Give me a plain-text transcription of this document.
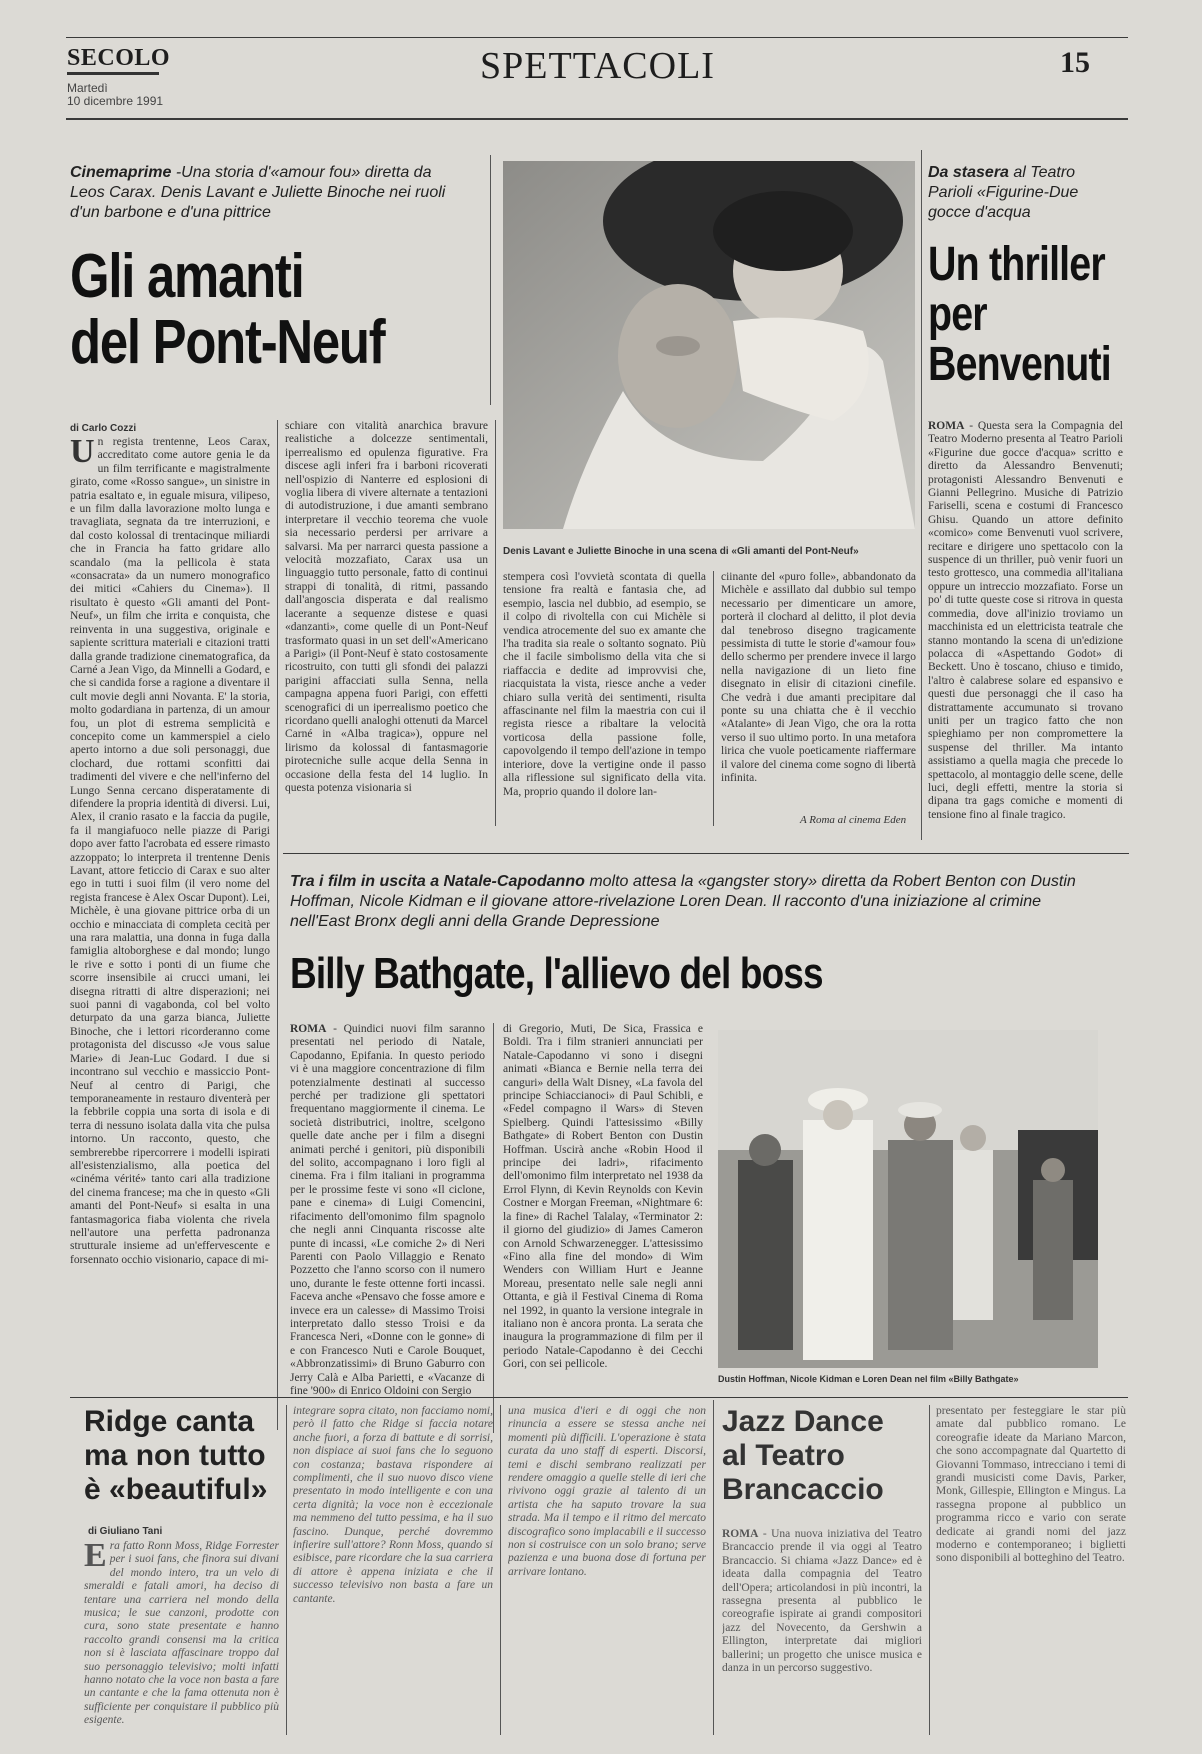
SECOLO
Martedì
10 dicembre 1991
SPETTACOLI	15
Cinemaprime -Una storia d'«amour fou» diretta da Leos Carax. Denis Lavant e Juliette Binoche nei ruoli d'un barbone e d'una pittrice
Gli amanti
del Pont-Neuf
Denis Lavant e Juliette Binoche in una scena di «Gli amanti del Pont-Neuf»
di Carlo Cozzi
Un regista trentenne, Leos Carax, accreditato come autore genia le da un film terrificante e magistralmente girato, come «Rosso sangue», un sinistre in patria esaltato e, in eguale misura, vilipeso, e un film dalla lavorazione molto lunga e travagliata, segnata da tre interruzioni, e dal costo kolossal di trentacinque miliardi che in Francia ha fatto gridare allo scandalo (ma la pellicola è stata «consacrata» da un numero monografico dei mitici «Cahiers du Cinema»). Il risultato è questo «Gli amanti del Pont-Neuf», un film che irrita e conquista, che reinventa in una suggestiva, originale e sapiente scrittura materiali e citazioni tratti dalla grande tradizione cinematografica, da Carné a Jean Vigo, da Minnelli a Godard, e che si candida forse a ragione a diventare il cult movie degli anni Novanta. E' la storia, molto godardiana in partenza, di un amour fou, un plot di estrema semplicità e concepito come un kammerspiel a cielo aperto intorno a due soli personaggi, due clochard, due rottami sconfitti dai tradimenti del vivere e che nell'inferno del Lungo Senna cercano disperatamente di difendere la propria identità di diversi. Lui, Alex, il cranio rasato e la faccia da pugile, fa il mangiafuoco nelle piazze di Parigi dopo aver fatto l'acrobata ed essere rimasto azzoppato; lo interpreta il trentenne Denis Lavant, attore feticcio di Carax e suo alter ego in tutti i suoi film (il vero nome del regista francese è Alex Oscar Dupont). Lei, Michèle, è una giovane pittrice orba di un occhio e minacciata di completa cecità per una rara malattia, una donna in fuga dalla famiglia altoborghese e dal mondo; lungo le rive e sotto i ponti di un fiume che scorre insensibile ai crucci umani, lei disegna ritratti di altre disperazioni; nei suoi panni di vagabonda, col bel volto deturpato da una garza bianca, Juliette Binoche, che i lettori ricorderanno come protagonista del discusso «Je vous salue Marie» di Jean-Luc Godard. I due si incontrano sul vecchio e massiccio Pont-Neuf al centro di Parigi, che temporaneamente in restauro diventerà per la febbrile coppia una sorta di isola e di terra di nessuno isolata dalla vita che pulsa intorno. Un racconto, questo, che sembrerebbe ripercorrere i modelli ispirati all'esistenzialismo, alla poetica del «cinéma vérité» tanto cari alla tradizione del cinema francese; ma che in questo «Gli amanti del Pont-Neuf» si esalta in una fantasmagorica fiaba violenta che rivela nell'autore una perfetta padronanza strutturale insieme ad un'effervescente e forsennato occhio visionario, capace di mi-
schiare con vitalità anarchica bravure realistiche a dolcezze sentimentali, iperrealismo ed opulenza figurative. Fra discese agli inferi fra i barboni ricoverati nell'ospizio di Nanterre ed esplosioni di voglia libera di vivere alternate a tentazioni di autodistruzione, i due amanti sembrano interpretare il vecchio teorema che vuole sia necessario perdersi per arrivare a salvarsi. Ma per narrarci questa passione a velocità mozzafiato, Carax usa un linguaggio tutto personale, fatto di continui strappi di tonalità, di ritmi, passando dall'angoscia disperata e dal realismo lacerante a sequenze distese e quasi «danzanti», come quelle di un Pont-Neuf trasformato quasi in un set dell'«Americano a Parigi» (il Pont-Neuf è stato costosamente ricostruito, con tutti gli sfondi dei palazzi parigini affacciati sulla Senna, nella campagna appena fuori Parigi, con effetti scenografici di un iperrealismo poetico che ricordano quelli analoghi ottenuti da Marcel Carné in «Alba tragica»), oppure nel lirismo da kolossal di fantasmagorie pirotecniche sulle acque della Senna in occasione della festa del 14 luglio. In questa potenza visionaria si
stempera così l'ovvietà scontata di quella tensione fra realtà e fantasia che, ad esempio, lascia nel dubbio, ad esempio, se il colpo di rivoltella con cui Michèle si vendica atrocemente del suo ex amante che l'ha tradita sia reale o soltanto sognato. Più che il facile simbolismo della vita che si riaffaccia e dedite ad improvvisi che, riacquistata la vista, riesce anche a veder chiaro sulla verità dei sentimenti, risulta affascinante nel film la maestria con cui il regista riesce a ribaltare la velocità vorticosa della passione folle, capovolgendo il tempo dell'azione in tempo interiore, dove la vertigine onde il passo alla riflessione sul significato della vita. Ma, proprio quando il dolore lan-
ciinante del «puro folle», abbandonato da Michèle e assillato dal dubbio sul tempo necessario per dimenticare un amore, porterà il clochard al delitto, il plot devia dal tenebroso disegno tragicamente pessimista di tutte le storie d'«amour fou» dello schermo per prendere invece il largo nella navigazione di un lieto fine disegnato in elisir di citazioni cinefile. Che vedrà i due amanti precipitare dal ponte su una chiatta che è il vecchio «Atalante» di Jean Vigo, che ora la rotta verso il suo ultimo porto. In una metafora lirica che vuole poeticamente riaffermare il valore del cinema come sogno di libertà infinita.
A Roma al cinema Eden
Da stasera al Teatro Parioli «Figurine-Due gocce d'acqua
Un thriller
per
Benvenuti
ROMA - Questa sera la Compagnia del Teatro Moderno presenta al Teatro Parioli «Figurine due gocce d'acqua» scritto e diretto da Alessandro Benvenuti; protagonisti Alessandro Benvenuti e Gianni Pellegrino. Musiche di Patrizio Fariselli, scena e costumi di Francesco Ghisu. Quando un attore definito «comico» come Benvenuti vuol scrivere, recitare e dirigere uno spettacolo con la suspence di un thriller, può venir fuori un testo grottesco, una commedia all'italiana oppure un intreccio mozzafiato. Forse un po' di tutte queste cose si ritrova in questa commedia, dove all'inizio troviamo un macchinista ed un elettricista teatrale che stanno montando la scena di un'edizione polacca di «Aspettando Godot» di Beckett. Uno è toscano, chiuso e timido, l'altro è calabrese solare ed espansivo e questi due personaggi che il caso ha distrattamente accumunato si trovano uniti per un tragico fatto che non spieghiamo per non compromettere la suspense del thriller. Ma intanto assistiamo a quella magia che precede lo spettacolo, al montaggio delle scene, delle luci, degli effetti, mentre la storia si dipana tra gags comiche e momenti di tensione fino al finale tragico.
Tra i film in uscita a Natale-Capodanno molto attesa la «gangster story» diretta da Robert Benton con Dustin Hoffman, Nicole Kidman e il giovane attore-rivelazione Loren Dean. Il racconto d'una iniziazione al crimine nell'East Bronx degli anni della Grande Depressione
Billy Bathgate, l'allievo del boss
ROMA - Quindici nuovi film saranno presentati nel periodo di Natale, Capodanno, Epifania. In questo periodo vi è una maggiore concentrazione di film potenzialmente destinati al successo perché per tradizione gli spettatori frequentano maggiormente il cinema. Le società distributrici, inoltre, scelgono quelle date anche per i film a disegni animati perché i genitori, più disponibili del solito, accompagnano i loro figli al cinema. Fra i film italiani in programma per le prossime feste vi sono «Il ciclone, pane e cinema» di Luigi Comencini, rifacimento dell'omonimo film spagnolo che negli anni Cinquanta riscosse alte punte di incassi, «Le comiche 2» di Neri Parenti con Paolo Villaggio e Renato Pozzetto che l'anno scorso con il numero uno, durante le feste ottenne forti incassi. Faceva anche «Pensavo che fosse amore e invece era un calesse» di Massimo Troisi interpretato dallo stesso Troisi e da Francesca Neri, «Donne con le gonne» di e con Francesco Nuti e Carole Bouquet, «Abbronzatissimi» di Bruno Gaburro con Jerry Calà e Alba Parietti, e «Vacanze di fine '900» di Enrico Oldoini con Sergio
di Gregorio, Muti, De Sica, Frassica e Boldi. Tra i film stranieri annunciati per Natale-Capodanno vi sono i disegni animati «Bianca e Bernie nella terra dei canguri» della Walt Disney, «La favola del principe Schiaccianoci» di Paul Schibli, e «Fedel compagno il Wars» di Steven Spielberg. Quindi l'attesissimo «Billy Bathgate» di Robert Benton con Dustin Hoffman. Uscirà anche «Robin Hood il principe dei ladri», rifacimento dell'omonimo film interpretato nel 1938 da Errol Flynn, di Kevin Reynolds con Kevin Costner e Morgan Freeman, «Nightmare 6: la fine» di Rachel Talalay, «Terminator 2: il giorno del giudizio» di James Cameron con Arnold Schwarzenegger. L'attesissimo «Fino alla fine del mondo» di Wim Wenders con William Hurt e Jeanne Moreau, presentato nelle sale negli anni Ottanta, e già il Festival Cinema di Roma nel 1992, in quanto la versione integrale in italiano non è ancora pronta. La serata che inaugura la programmazione di film per il periodo Natale-Capodanno è dei Cecchi Gori, con sei pellicole.
Dustin Hoffman, Nicole Kidman e Loren Dean nel film «Billy Bathgate»
Ridge canta
ma non tutto
è «beautiful»
di Giuliano Tani
Era fatto Ronn Moss, Ridge Forrester per i suoi fans, che finora sui divani del mondo intero, tra un velo di smeraldi e fatali amori, ha deciso di tentare una carriera nel mondo della musica; le sue canzoni, prodotte con cura, sono state presentate e hanno raccolto grandi consensi ma la critica non si è lasciata affascinare troppo dal suo personaggio televisivo; molti infatti hanno notato che la voce non basta a fare un cantante e che la fama ottenuta non è sufficiente per conquistare il pubblico più esigente.
integrare sopra citato, non facciamo nomi, però il fatto che Ridge si faccia notare anche fuori, a forza di battute e di sorrisi, non dispiace ai suoi fans che lo seguono con costanza; bastava rispondere ai complimenti, che il suo nuovo disco viene presentato in modo intelligente e con una certa dignità; la voce non è eccezionale ma nemmeno del tutto pessima, e ha il suo fascino. Dunque, perché dovremmo infierire sull'attore? Ronn Moss, quando si esibisce, pare ricordare che la sua carriera di attore è appena iniziata e che il successo televisivo non basta a fare un cantante.
una musica d'ieri e di oggi che non rinuncia a essere se stessa anche nei momenti più difficili. L'operazione è stata curata da uno staff di esperti. Discorsi, temi e dischi sembrano realizzati per rendere omaggio a quelle stelle di ieri che rivivono oggi grazie al talento di un artista che ha saputo trovare la sua strada. Ma il tempo e il ritmo del mercato discografico sono implacabili e il successo non si costruisce con un solo brano; serve pazienza e una buona dose di fortuna per arrivare lontano.
Jazz Dance
al Teatro
Brancaccio
ROMA - Una nuova iniziativa del Teatro Brancaccio prende il via oggi al Teatro Brancaccio. Si chiama «Jazz Dance» ed è ideata dalla compagnia del Teatro dell'Opera; articolandosi in più incontri, la rassegna presenta al pubblico le coreografie ispirate ai grandi compositori jazz del Novecento, da Gershwin a Ellington, interpretate dai migliori ballerini; un progetto che unisce musica e danza in un percorso suggestivo.
presentato per festeggiare le star più amate dal pubblico romano. Le coreografie ideate da Mariano Marcon, che sono accompagnate dal Quartetto di Giovanni Tommaso, intrecciano i temi di grandi musicisti come Davis, Parker, Monk, Gillespie, Ellington e Mingus. La rassegna propone al pubblico un programma ricco e vario con serate dedicate ai grandi nomi del jazz moderno e contemporaneo; i biglietti sono disponibili al botteghino del Teatro.
